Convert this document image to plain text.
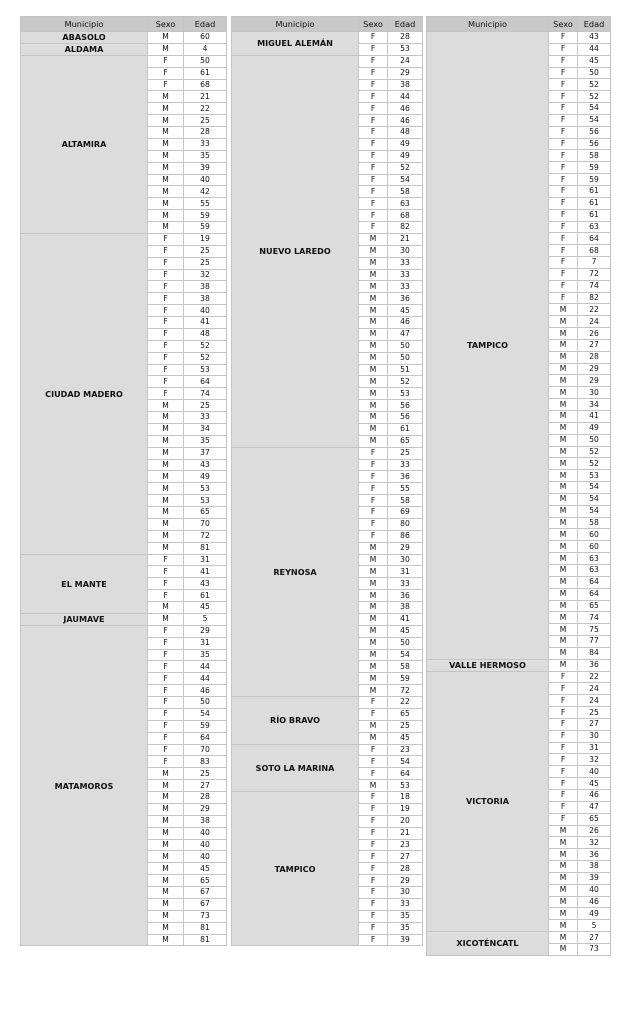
Municipio	Sexo	Edad
ABASOLO	M	60
ALDAMA	M	4
ALTAMIRA	F	50
	F	61
	F	68
	M	21
	M	22
	M	25
	M	28
	M	33
	M	35
	M	39
	M	40
	M	42
	M	55
	M	59
	M	59
CIUDAD MADERO	F	19
	F	25
	F	25
	F	32
	F	38
	F	38
	F	40
	F	41
	F	48
	F	52
	F	52
	F	53
	F	64
	F	74
	M	25
	M	33
	M	34
	M	35
	M	37
	M	43
	M	49
	M	53
	M	53
	M	65
	M	70
	M	72
	M	81
EL MANTE	F	31
	F	41
	F	43
	F	61
	M	45
JAUMAVE	M	5
MATAMOROS	F	29
	F	31
	F	35
	F	44
	F	44
	F	46
	F	50
	F	54
	F	59
	F	64
	F	70
	F	83
	M	25
	M	27
	M	28
	M	29
	M	38
	M	40
	M	40
	M	40
	M	45
	M	65
	M	67
	M	67
	M	73
	M	81
	M	81
Municipio	Sexo	Edad
MIGUEL ALEMÁN	F	28
	F	53
NUEVO LAREDO	F	24
	F	29
	F	38
	F	44
	F	46
	F	46
	F	48
	F	49
	F	49
	F	52
	F	54
	F	58
	F	63
	F	68
	F	82
	M	21
	M	30
	M	33
	M	33
	M	33
	M	36
	M	45
	M	46
	M	47
	M	50
	M	50
	M	51
	M	52
	M	53
	M	56
	M	56
	M	61
	M	65
REYNOSA	F	25
	F	33
	F	36
	F	55
	F	58
	F	69
	F	80
	F	86
	M	29
	M	30
	M	31
	M	33
	M	36
	M	38
	M	41
	M	45
	M	50
	M	54
	M	58
	M	59
	M	72
RÍO BRAVO	F	22
	F	65
	M	25
	M	45
SOTO LA MARINA	F	23
	F	54
	F	64
	M	53
TAMPICO	F	18
	F	19
	F	20
	F	21
	F	23
	F	27
	F	28
	F	29
	F	30
	F	33
	F	35
	F	35
	F	39
Municipio	Sexo	Edad
TAMPICO	F	43
	F	44
	F	45
	F	50
	F	52
	F	52
	F	54
	F	54
	F	56
	F	56
	F	58
	F	59
	F	59
	F	61
	F	61
	F	61
	F	63
	F	64
	F	68
	F	7
	F	72
	F	74
	F	82
	M	22
	M	24
	M	26
	M	27
	M	28
	M	29
	M	29
	M	30
	M	34
	M	41
	M	49
	M	50
	M	52
	M	52
	M	53
	M	54
	M	54
	M	54
	M	58
	M	60
	M	60
	M	63
	M	63
	M	64
	M	64
	M	65
	M	74
	M	75
	M	77
	M	84
VALLE HERMOSO	M	36
VICTORIA	F	22
	F	24
	F	24
	F	25
	F	27
	F	30
	F	31
	F	32
	F	40
	F	45
	F	46
	F	47
	F	65
	M	26
	M	32
	M	36
	M	38
	M	39
	M	40
	M	46
	M	49
	M	5
XICOTÉNCATL	M	27
	M	73
